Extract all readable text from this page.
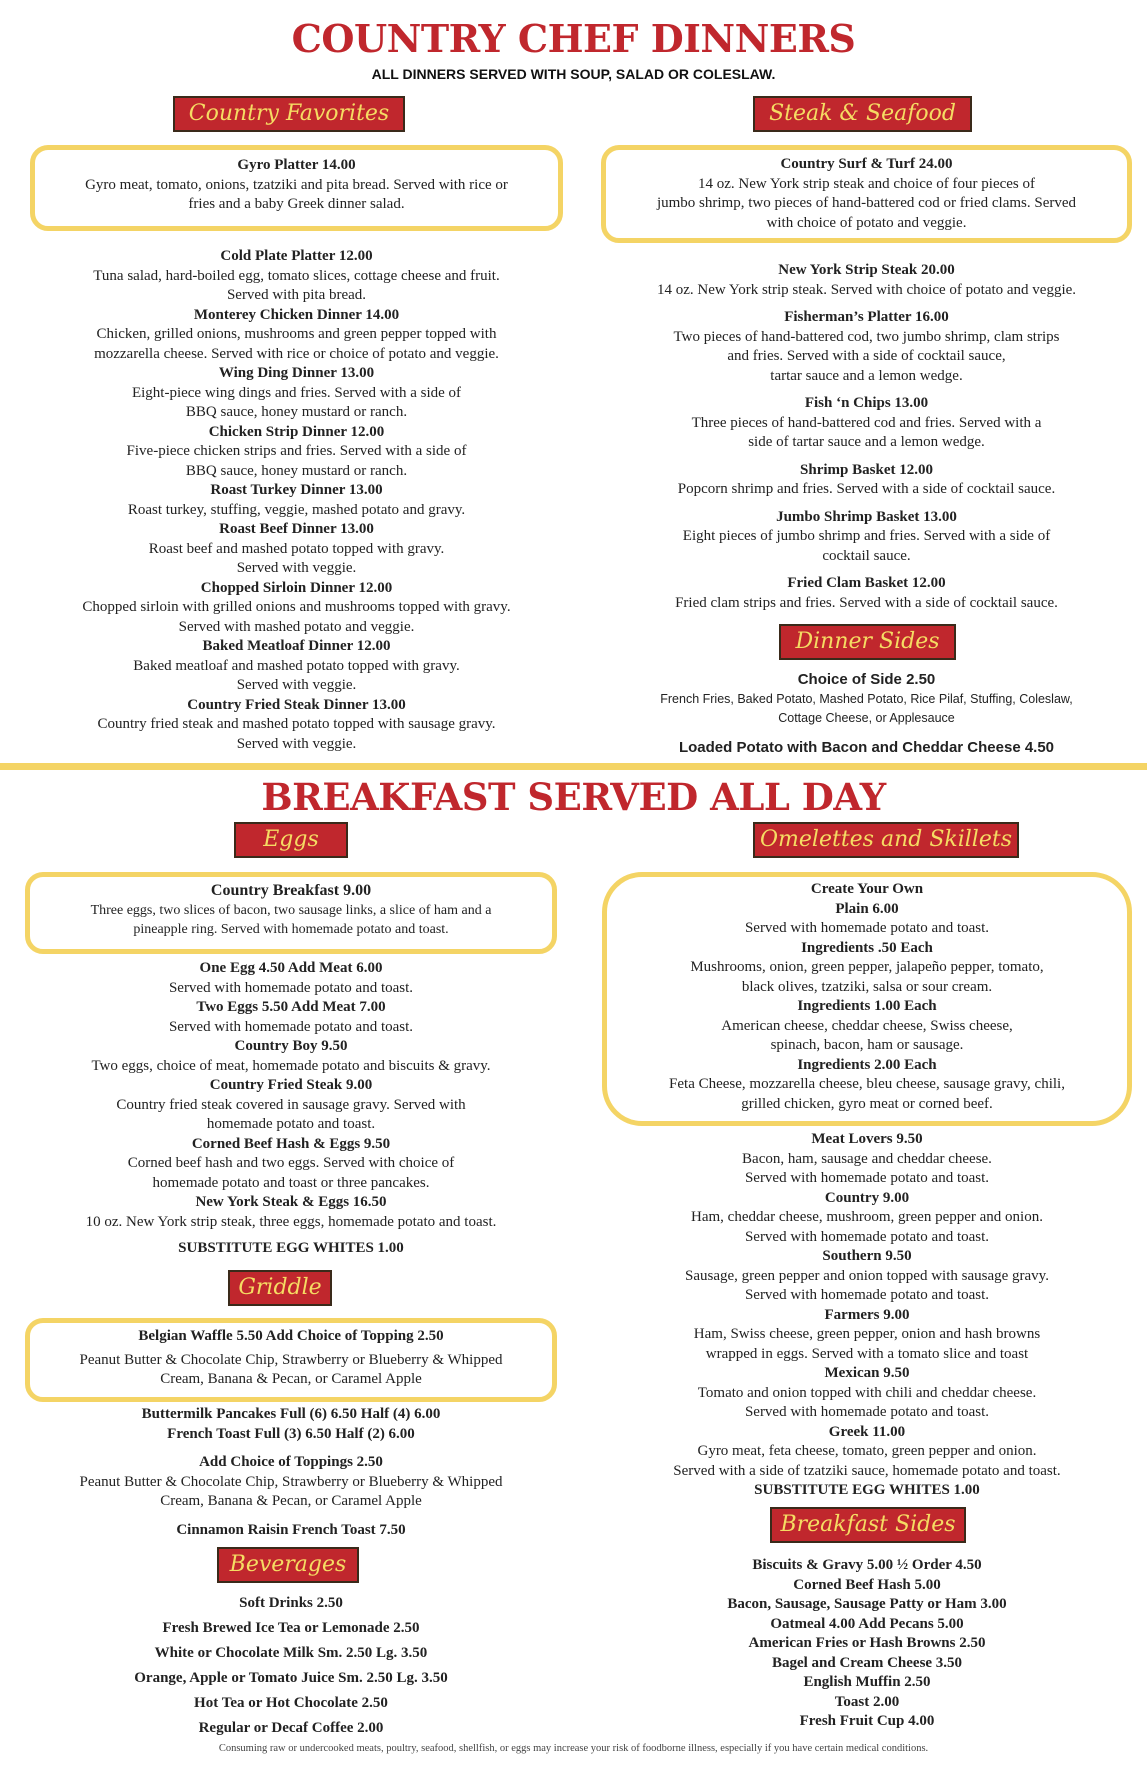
COUNTRY CHEF DINNERS
ALL DINNERS SERVED WITH SOUP, SALAD OR COLESLAW.
Country Favorites
Gyro Platter 14.00
Gyro meat, tomato, onions, tzatziki and pita bread. Served with rice or
fries and a baby Greek dinner salad.
Cold Plate Platter 12.00
Tuna salad, hard-boiled egg, tomato slices, cottage cheese and fruit.
Served with pita bread.
Monterey Chicken Dinner 14.00
Chicken, grilled onions, mushrooms and green pepper topped with
mozzarella cheese. Served with rice or choice of potato and veggie.
Wing Ding Dinner 13.00
Eight-piece wing dings and fries. Served with a side of
BBQ sauce, honey mustard or ranch.
Chicken Strip Dinner 12.00
Five-piece chicken strips and fries. Served with a side of
BBQ sauce, honey mustard or ranch.
Roast Turkey Dinner 13.00
Roast turkey, stuffing, veggie, mashed potato and gravy.
Roast Beef Dinner 13.00
Roast beef and mashed potato topped with gravy.
Served with veggie.
Chopped Sirloin Dinner 12.00
Chopped sirloin with grilled onions and mushrooms topped with gravy.
Served with mashed potato and veggie.
Baked Meatloaf Dinner 12.00
Baked meatloaf and mashed potato topped with gravy.
Served with veggie.
Country Fried Steak Dinner 13.00
Country fried steak and mashed potato topped with sausage gravy.
Served with veggie.
Steak & Seafood
Country Surf & Turf 24.00
14 oz. New York strip steak and choice of four pieces of
jumbo shrimp, two pieces of hand-battered cod or fried clams. Served
with choice of potato and veggie.
New York Strip Steak 20.00
14 oz. New York strip steak. Served with choice of potato and veggie.
Fisherman’s Platter 16.00
Two pieces of hand-battered cod, two jumbo shrimp, clam strips
and fries. Served with a side of cocktail sauce,
tartar sauce and a lemon wedge.
Fish ‘n Chips 13.00
Three pieces of hand-battered cod and fries. Served with a
side of tartar sauce and a lemon wedge.
Shrimp Basket 12.00
Popcorn shrimp and fries. Served with a side of cocktail sauce.
Jumbo Shrimp Basket 13.00
Eight pieces of jumbo shrimp and fries. Served with a side of
cocktail sauce.
Fried Clam Basket 12.00
Fried clam strips and fries. Served with a side of cocktail sauce.
Dinner Sides
Choice of Side 2.50
French Fries, Baked Potato, Mashed Potato, Rice Pilaf, Stuffing, Coleslaw,
Cottage Cheese, or Applesauce
Loaded Potato with Bacon and Cheddar Cheese 4.50
BREAKFAST SERVED ALL DAY
Eggs
Country Breakfast 9.00
Three eggs, two slices of bacon, two sausage links, a slice of ham and a
pineapple ring. Served with homemade potato and toast.
One Egg 4.50 Add Meat 6.00
Served with homemade potato and toast.
Two Eggs 5.50 Add Meat 7.00
Served with homemade potato and toast.
Country Boy 9.50
Two eggs, choice of meat, homemade potato and biscuits & gravy.
Country Fried Steak 9.00
Country fried steak covered in sausage gravy. Served with
homemade potato and toast.
Corned Beef Hash & Eggs 9.50
Corned beef hash and two eggs. Served with choice of
homemade potato and toast or three pancakes.
New York Steak & Eggs 16.50
10 oz. New York strip steak, three eggs, homemade potato and toast.
SUBSTITUTE EGG WHITES 1.00
Griddle
Belgian Waffle 5.50 Add Choice of Topping 2.50
Peanut Butter & Chocolate Chip, Strawberry or Blueberry & Whipped
Cream, Banana & Pecan, or Caramel Apple
Buttermilk Pancakes Full (6) 6.50 Half (4) 6.00
French Toast Full (3) 6.50 Half (2) 6.00
Add Choice of Toppings 2.50
Peanut Butter & Chocolate Chip, Strawberry or Blueberry & Whipped
Cream, Banana & Pecan, or Caramel Apple
Cinnamon Raisin French Toast 7.50
Beverages
Soft Drinks 2.50
Fresh Brewed Ice Tea or Lemonade 2.50
White or Chocolate Milk Sm. 2.50 Lg. 3.50
Orange, Apple or Tomato Juice Sm. 2.50 Lg. 3.50
Hot Tea or Hot Chocolate 2.50
Regular or Decaf Coffee 2.00
Omelettes and Skillets
Create Your Own
Plain 6.00
Served with homemade potato and toast.
Ingredients .50 Each
Mushrooms, onion, green pepper, jalapeño pepper, tomato,
black olives, tzatziki, salsa or sour cream.
Ingredients 1.00 Each
American cheese, cheddar cheese, Swiss cheese,
spinach, bacon, ham or sausage.
Ingredients 2.00 Each
Feta Cheese, mozzarella cheese, bleu cheese, sausage gravy, chili,
grilled chicken, gyro meat or corned beef.
Meat Lovers 9.50
Bacon, ham, sausage and cheddar cheese.
Served with homemade potato and toast.
Country 9.00
Ham, cheddar cheese, mushroom, green pepper and onion.
Served with homemade potato and toast.
Southern 9.50
Sausage, green pepper and onion topped with sausage gravy.
Served with homemade potato and toast.
Farmers 9.00
Ham, Swiss cheese, green pepper, onion and hash browns
wrapped in eggs. Served with a tomato slice and toast
Mexican 9.50
Tomato and onion topped with chili and cheddar cheese.
Served with homemade potato and toast.
Greek 11.00
Gyro meat, feta cheese, tomato, green pepper and onion.
Served with a side of tzatziki sauce, homemade potato and toast.
SUBSTITUTE EGG WHITES 1.00
Breakfast Sides
Biscuits & Gravy 5.00 ½ Order 4.50
Corned Beef Hash 5.00
Bacon, Sausage, Sausage Patty or Ham 3.00
Oatmeal 4.00 Add Pecans 5.00
American Fries or Hash Browns 2.50
Bagel and Cream Cheese 3.50
English Muffin 2.50
Toast 2.00
Fresh Fruit Cup 4.00
Consuming raw or undercooked meats, poultry, seafood, shellfish, or eggs may increase your risk of foodborne illness, especially if you have certain medical conditions.
